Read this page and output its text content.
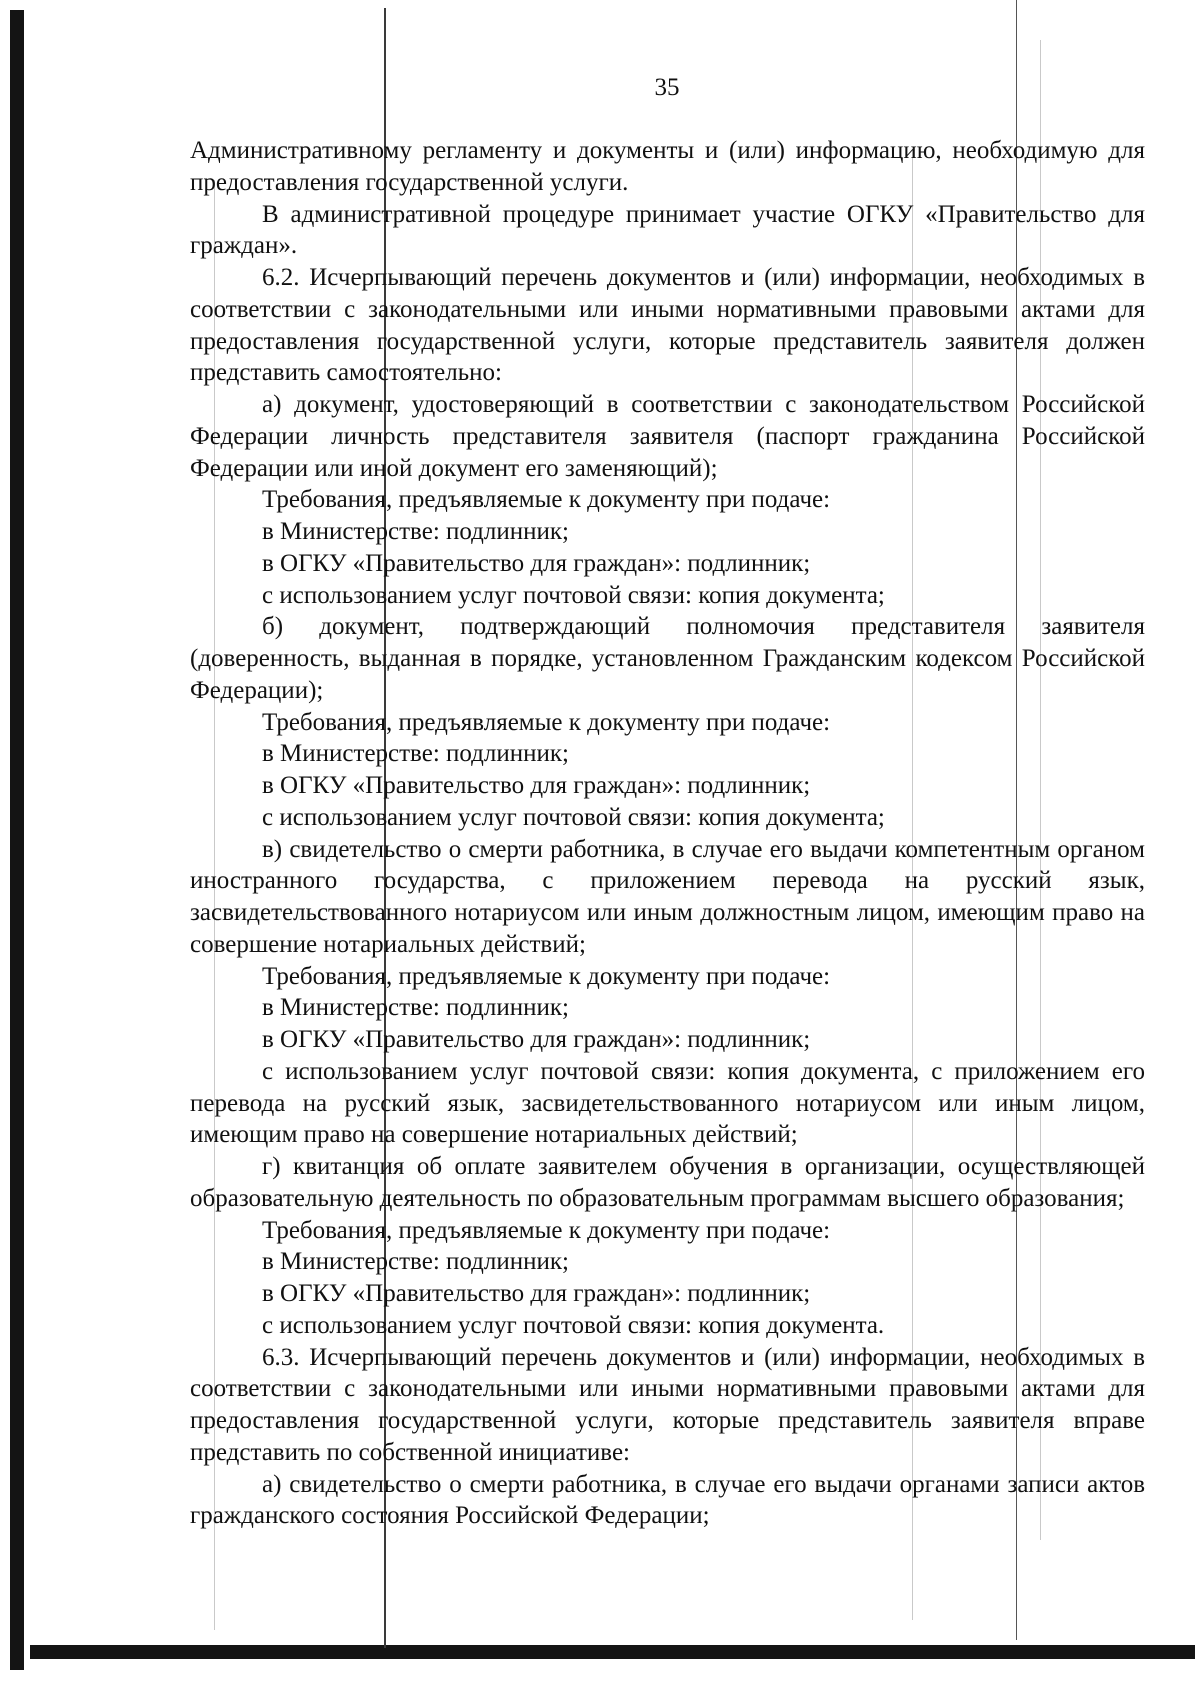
35

Административному регламенту и документы и (или) информацию, необходимую для предоставления государственной услуги.

В административной процедуре принимает участие ОГКУ «Правительство для граждан».

6.2. Исчерпывающий перечень документов и (или) информации, необходимых в соответствии с законодательными или иными нормативными правовыми актами для предоставления государственной услуги, которые представитель заявителя должен представить самостоятельно:

а) документ, удостоверяющий в соответствии с законодательством Российской Федерации личность представителя заявителя (паспорт гражданина Российской Федерации или иной документ его заменяющий);

Требования, предъявляемые к документу при подаче:

в Министерстве: подлинник;

в ОГКУ «Правительство для граждан»: подлинник;

с использованием услуг почтовой связи: копия документа;

б) документ, подтверждающий полномочия представителя заявителя (доверенность, выданная в порядке, установленном Гражданским кодексом Российской Федерации);

Требования, предъявляемые к документу при подаче:

в Министерстве: подлинник;

в ОГКУ «Правительство для граждан»: подлинник;

с использованием услуг почтовой связи: копия документа;

в) свидетельство о смерти работника, в случае его выдачи компетентным органом иностранного государства, с приложением перевода на русский язык, засвидетельствованного нотариусом или иным должностным лицом, имеющим право на совершение нотариальных действий;

Требования, предъявляемые к документу при подаче:

в Министерстве: подлинник;

в ОГКУ «Правительство для граждан»: подлинник;

с использованием услуг почтовой связи: копия документа, с приложением его перевода на русский язык, засвидетельствованного нотариусом или иным лицом, имеющим право на совершение нотариальных действий;

г) квитанция об оплате заявителем обучения в организации, осуществляющей образовательную деятельность по образовательным программам высшего образования;

Требования, предъявляемые к документу при подаче:

в Министерстве: подлинник;

в ОГКУ «Правительство для граждан»: подлинник;

с использованием услуг почтовой связи: копия документа.

6.3. Исчерпывающий перечень документов и (или) информации, необходимых в соответствии с законодательными или иными нормативными правовыми актами для предоставления государственной услуги, которые представитель заявителя вправе представить по собственной инициативе:

а) свидетельство о смерти работника, в случае его выдачи органами записи актов гражданского состояния Российской Федерации;
